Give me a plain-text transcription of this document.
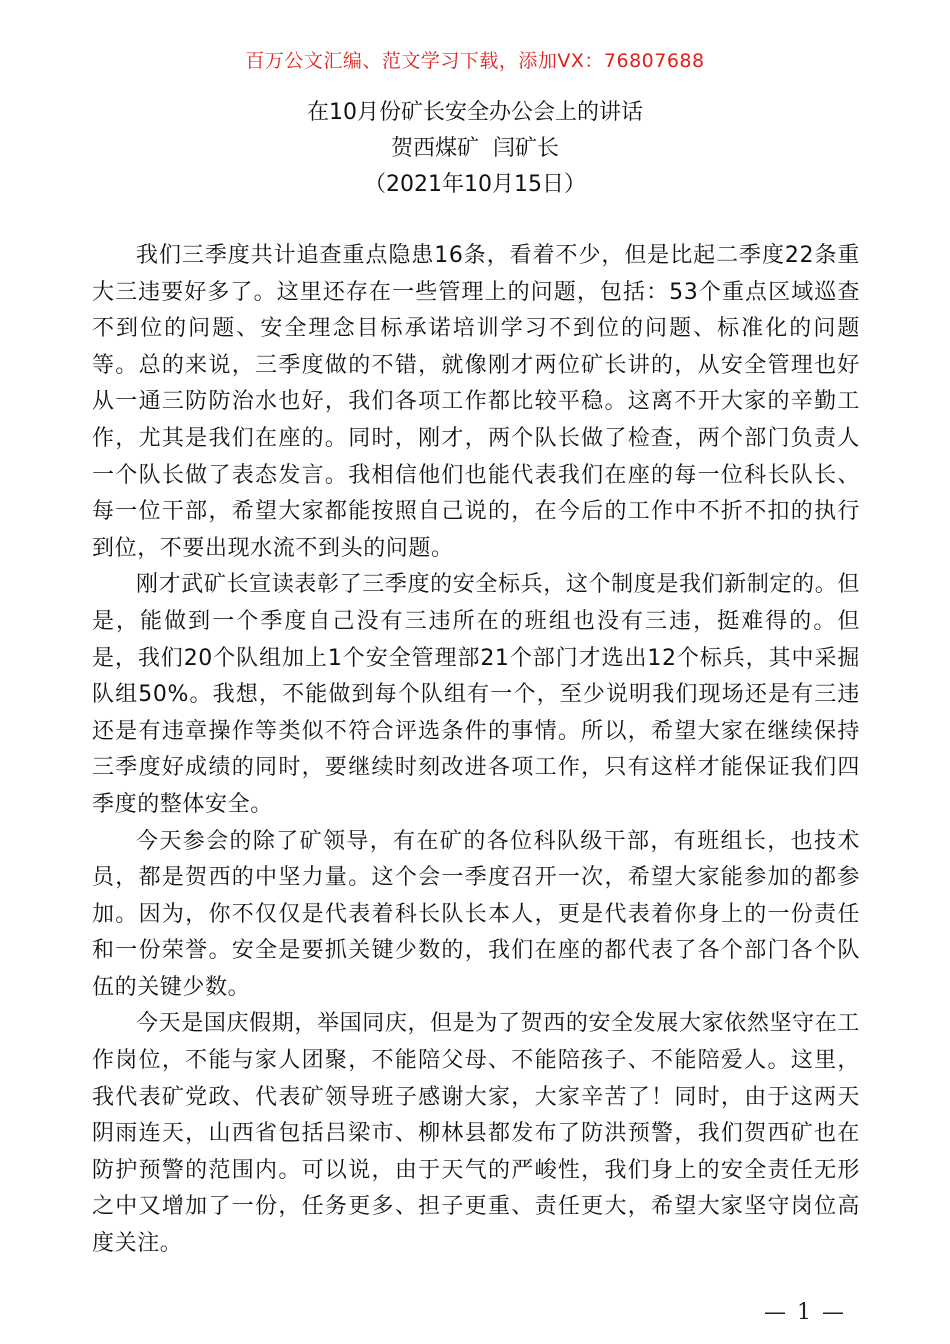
百万公文汇编、范文学习下载，添加VX：76807688
在10月份矿长安全办公会上的讲话
贺西煤矿  闫矿长
（2021年10月15日）

我们三季度共计追查重点隐患16条，看着不少，但是比起二季度22条重大三违要好多了。这里还存在一些管理上的问题，包括：53个重点区域巡查不到位的问题、安全理念目标承诺培训学习不到位的问题、标准化的问题等。总的来说，三季度做的不错，就像刚才两位矿长讲的，从安全管理也好从一通三防防治水也好，我们各项工作都比较平稳。这离不开大家的辛勤工作，尤其是我们在座的。同时，刚才，两个队长做了检查，两个部门负责人一个队长做了表态发言。我相信他们也能代表我们在座的每一位科长队长、每一位干部，希望大家都能按照自己说的，在今后的工作中不折不扣的执行到位，不要出现水流不到头的问题。

刚才武矿长宣读表彰了三季度的安全标兵，这个制度是我们新制定的。但是，能做到一个季度自己没有三违所在的班组也没有三违，挺难得的。但是，我们20个队组加上1个安全管理部21个部门才选出12个标兵，其中采掘队组50%。我想，不能做到每个队组有一个，至少说明我们现场还是有三违还是有违章操作等类似不符合评选条件的事情。所以，希望大家在继续保持三季度好成绩的同时，要继续时刻改进各项工作，只有这样才能保证我们四季度的整体安全。

今天参会的除了矿领导，有在矿的各位科队级干部，有班组长，也技术员，都是贺西的中坚力量。这个会一季度召开一次，希望大家能参加的都参加。因为，你不仅仅是代表着科长队长本人，更是代表着你身上的一份责任和一份荣誉。安全是要抓关键少数的，我们在座的都代表了各个部门各个队伍的关键少数。

今天是国庆假期，举国同庆，但是为了贺西的安全发展大家依然坚守在工作岗位，不能与家人团聚，不能陪父母、不能陪孩子、不能陪爱人。这里，我代表矿党政、代表矿领导班子感谢大家，大家辛苦了！同时，由于这两天阴雨连天，山西省包括吕梁市、柳林县都发布了防洪预警，我们贺西矿也在防护预警的范围内。可以说，由于天气的严峻性，我们身上的安全责任无形之中又增加了一份，任务更多、担子更重、责任更大，希望大家坚守岗位高度关注。

— 1 —
